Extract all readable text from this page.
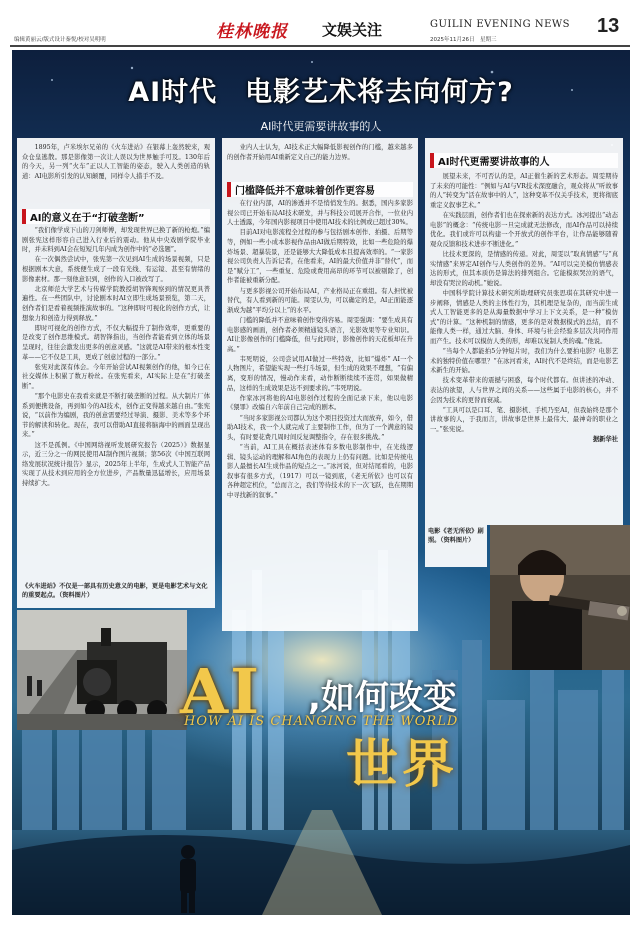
编辑黄丽云/版式设计秦悦/校对吴明明	桂林晚报 文娱关注	GUILIN EVENING NEWS
2025年11月26日　星期三
13
AI时代　电影艺术将去向何方?
AI时代更需要讲故事的人

1895年，卢米埃尔兄弟的《火车进站》在银幕上轰然驶来，观众仓皇逃散。那是影像第一次让人误以为世界触手可及。130年后的今天，另一列“火车”正以人工智能的姿态，驶入人类创造的轨道：AI电影所引发的认知颠覆，同样令人措手不及。

AI的意义在于“打破垄断”

“我们像学成下山的刀剑师傅，却发现世界已换了新的枪炮。”编剧张宪这样形容自己进入行业后的震动。他从中央戏剧学院毕业时，并未料到AI会在短短几年内成为创作中的“必选题”。

在一次偶然尝试中，张宪第一次见到AI生成的场景视频，只是根据剧本大意，系统便生成了一段有光线、有运镜、甚至有情绪的影像素材。那一刻他意识到，创作的入口被改写了。

北京师范大学艺术与传媒学院教授胡智锋观察到的情况更具普遍性。在一些团队中，讨论剧本时AI立即生成场景预览，第二天，创作者们是看着视频推演故事的。“这种即时可视化的创作方式，让想象力和创造力得到释放。”

即时可视化的创作方式，不仅大幅提升了制作效率，更重要的是改变了创作思维模式。胡智锋指出，当创作者能看到立体的场景呈现时，往往会激发出更多的创意灵感。“这就是AI带来的根本性变革——它不仅是工具，更成了创意过程的一部分。”

张宪对此深有体会。今年开始尝试AI视频创作的他，如今已在社交媒体上积累了数万粉丝。在张宪看来，AI实际上是在“打破垄断”。

“那个电影史在我看来就是不断打破垄断的过程。从大制片厂体系到便携设备，再到如今的AI技术，创作正变得越来越自由。”张宪说，“以前作为编剧，我的创意需要经过导演、摄影、美术等多个环节的解读和转化。现在，我可以借助AI直接将脑海中的画面呈现出来。”

这不是孤例。《中国网络视听发展研究报告（2025）》数据显示，近三分之一的网民使用AI制作图片视频；第56次《中国互联网络发展状况统计报告》显示，2025年上半年，生成式人工智能产品实现了从技术到应用的全方位进步，产品数量迅猛增长，应用场景持续扩大。

业内人士认为，AI技术正大幅降低影视创作的门槛，越来越多的创作者开始用AI重新定义自己的能力边界。

门槛降低并不意味着创作更容易

在行业内部，AI的渗透并不是悄悄发生的。据悉，国内多家影视公司已开始布局AI技术研发，并与科技公司展开合作，一位业内人士透露，今年国内影视项目中使用AI技术的比例或已超过30%。

目前AI对电影流程全过程的参与包括剧本创作、拍摄、后期等等，例如一些小成本影视作品由AI做后期特效，比如一些危险的爆炸场景、超暴装景，还是能够大大降低成本且提高效率的。“一家影视公司负责人告诉记者，在他看来，AI的最大价值并非“替代”，而是“赋分工”，一些重复、危险或费用高昂的环节可以被剔除了，创作者能被重新分配。

与更多影视公司开始布局AI，产业格局正在重组。有人担忧被替代，有人看到新的可能。周雯认为，可以确定的是，AI正面能逐渐成为越“平均分以上”的水平。

门槛的降低并不意味着创作变得容易。周雯强调：“要生成具有电影感的画面，创作者必须精通镜头语言，光影效果等专业知识。AI让影像创作的门槛降低，但与此同时，影像创作的天花板却在升高。”

韦死明说，公司尝试用AI做过一些特效，比如“爆炸” AI一个人物图片，希望能实现一些打斗场景，但生成的效果不理想，“有偏离，变形的情况，慢动作来看，动作断断续续不连贯，如果做精品，这样的生成效果是达不到要求的。”韦死明说。

作家冰河将他的AI电影创作过程的全面记录下来，他以电影《猥罪》改编自六年前自己完成的剧本。

“当时多家影视公司都认为这个项目投资过大而放弃，如今，借助AI技术，我一个人就完成了主要制作工作，但为了一个满意的镜头，有时要花费几周时间反复调整指令，存在很多挑战。”

“当前，AI工具在概括表述体有多数电影制作中，在光线逻辑、镜头运动的理解和AI角色的表现力上仍有问题。比如是传统电影人最擅长AI生成作品的短点之一。”冰河说，但对结尾看的，电影叙事有很多方式，（1917）可以一镜到底，《老无所依》也可以有各种超定机位，“总而言之，我们等待技术的下一次飞跃，也在期期中寻找新的叙事。”

AI时代更需要讲故事的人

展望未来，不可否认的是，AI正催生新的艺术形态。周雯期待了未来的可能性：“例如与AI与VR技术深度融合，观众将从“听故事的人”转变为“活在故事中的人”，这种变革不仅关乎技术，更将彻底重定义叙事艺术。”

在实践层面，创作者们也在探索新的表达方式。冰河提出“动态电影”的概念：“传统电影一旦完成就无法修改，而AI作品可以持续优化。我们或许可以构建一个开放式的创作平台，让作品能够随着观众反馈和技术进步不断进化。”

比技术更深的，是情感的传递。对此，周雯以“取真情感”与“真实情感”来界定AI创作与人类创作的差异。“AI可以完美模仿情感表达的形式，但其本质仍是算法的排列组合。它能模拟哭泣的语气，却没有哭泣的动机。”她说。

中国科学院计算技术研究所助理研究员张思琪在其研究中进一步阐释，情感是人类的主体性行为，其机理是复杂的，而当前生成式人工智能更多的是从海量数据中学习上下文关系，是一种“模仿式”的计算。“这种机制的情感，更多的是对数据模式的总结，而不能像人类一样，通过大脑、身体、环境与社会经验多层次共同作用而产生。技术可以模仿人类的形，却难以复制人类的魂。”他说。

“当每个人都能拍5分钟短片时，我们为什么要拍电影？电影艺术的独特价值在哪里？”在冰河看来，AI时代不是终结，而是电影艺术新生的开始。

技术变革带来的震撼与困惑，每个时代都有。但讲述的冲动、表达的欲望，人与世界之间的关系——这些属于电影的核心，并不会因为技术的更替而衰减。

“工具可以是口耳、笔、摄影机、手机乃至AI，但我始终是那个讲故事的人，于我而言，讲故事是世界上最伟大、最神奇的职业之一。”张宪说。

据新华社

《火车进站》不仅是一部具有历史意义的电影，更是电影艺术与文化的重要起点。（资料图片）
电影《老无所依》剧照。（资料图片）
AI ,如何改变
HOW AI IS CHANGING THE WORLD
世界
